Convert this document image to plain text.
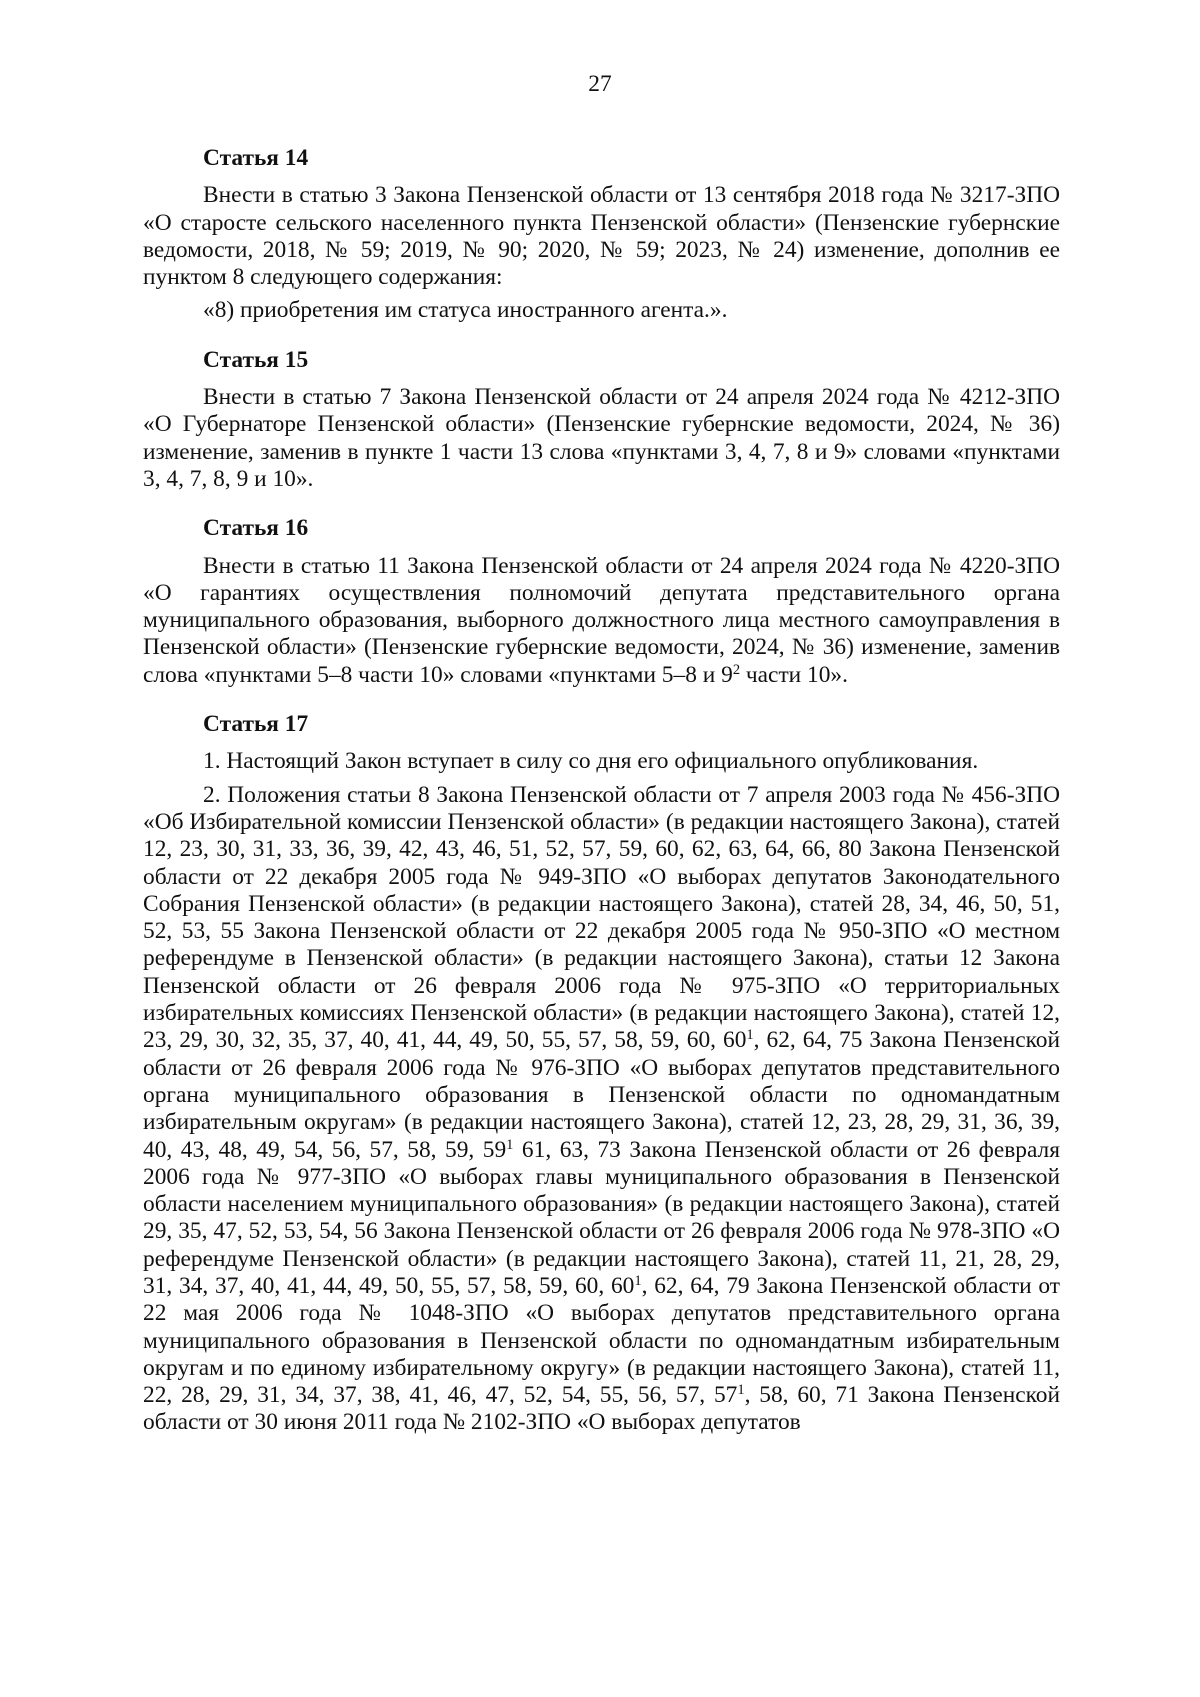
27

Статья 14

Внести в статью 3 Закона Пензенской области от 13 сентября 2018 года № 3217-ЗПО «О старосте сельского населенного пункта Пензенской области» (Пензенские губернские ведомости, 2018, № 59; 2019, № 90; 2020, № 59; 2023, № 24) изменение, дополнив ее пунктом 8 следующего содержания:

«8) приобретения им статуса иностранного агента.».

Статья 15

Внести в статью 7 Закона Пензенской области от 24 апреля 2024 года № 4212-ЗПО «О Губернаторе Пензенской области» (Пензенские губернские ведомости, 2024, № 36) изменение, заменив в пункте 1 части 13 слова «пунктами 3, 4, 7, 8 и 9» словами «пунктами 3, 4, 7, 8, 9 и 10».

Статья 16

Внести в статью 11 Закона Пензенской области от 24 апреля 2024 года № 4220-ЗПО «О гарантиях осуществления полномочий депутата представительного органа муниципального образования, выборного должностного лица местного самоуправления в Пензенской области» (Пензенские губернские ведомости, 2024, № 36) изменение, заменив слова «пунктами 5–8 части 10» словами «пунктами 5–8 и $9^2$ части 10».

Статья 17

1. Настоящий Закон вступает в силу со дня его официального опубликования.

2. Положения статьи 8 Закона Пензенской области от 7 апреля 2003 года № 456-ЗПО «Об Избирательной комиссии Пензенской области» (в редакции настоящего Закона), статей 12, 23, 30, 31, 33, 36, 39, 42, 43, 46, 51, 52, 57, 59, 60, 62, 63, 64, 66, 80 Закона Пензенской области от 22 декабря 2005 года № 949-ЗПО «О выборах депутатов Законодательного Собрания Пензенской области» (в редакции настоящего Закона), статей 28, 34, 46, 50, 51, 52, 53, 55 Закона Пензенской области от 22 декабря 2005 года № 950-ЗПО «О местном референдуме в Пензенской области» (в редакции настоящего Закона), статьи 12 Закона Пензенской области от 26 февраля 2006 года № 975-ЗПО «О территориальных избирательных комиссиях Пензенской области» (в редакции настоящего Закона), статей 12, 23, 29, 30, 32, 35, 37, 40, 41, 44, 49, 50, 55, 57, 58, 59, 60, $60^1$, 62, 64, 75 Закона Пензенской области от 26 февраля 2006 года № 976-ЗПО «О выборах депутатов представительного органа муниципального образования в Пензенской области по одномандатным избирательным округам» (в редакции настоящего Закона), статей 12, 23, 28, 29, 31, 36, 39, 40, 43, 48, 49, 54, 56, 57, 58, 59, $59^1$ 61, 63, 73 Закона Пензенской области от 26 февраля 2006 года № 977-ЗПО «О выборах главы муниципального образования в Пензенской области населением муниципального образования» (в редакции настоящего Закона), статей 29, 35, 47, 52, 53, 54, 56 Закона Пензенской области от 26 февраля 2006 года № 978-ЗПО «О референдуме Пензенской области» (в редакции настоящего Закона), статей 11, 21, 28, 29, 31, 34, 37, 40, 41, 44, 49, 50, 55, 57, 58, 59, 60, $60^1$, 62, 64, 79 Закона Пензенской области от 22 мая 2006 года № 1048-ЗПО «О выборах депутатов представительного органа муниципального образования в Пензенской области по одномандатным избирательным округам и по единому избирательному округу» (в редакции настоящего Закона), статей 11, 22, 28, 29, 31, 34, 37, 38, 41, 46, 47, 52, 54, 55, 56, 57, $57^1$, 58, 60, 71 Закона Пензенской области от 30 июня 2011 года № 2102-ЗПО «О выборах депутатов
